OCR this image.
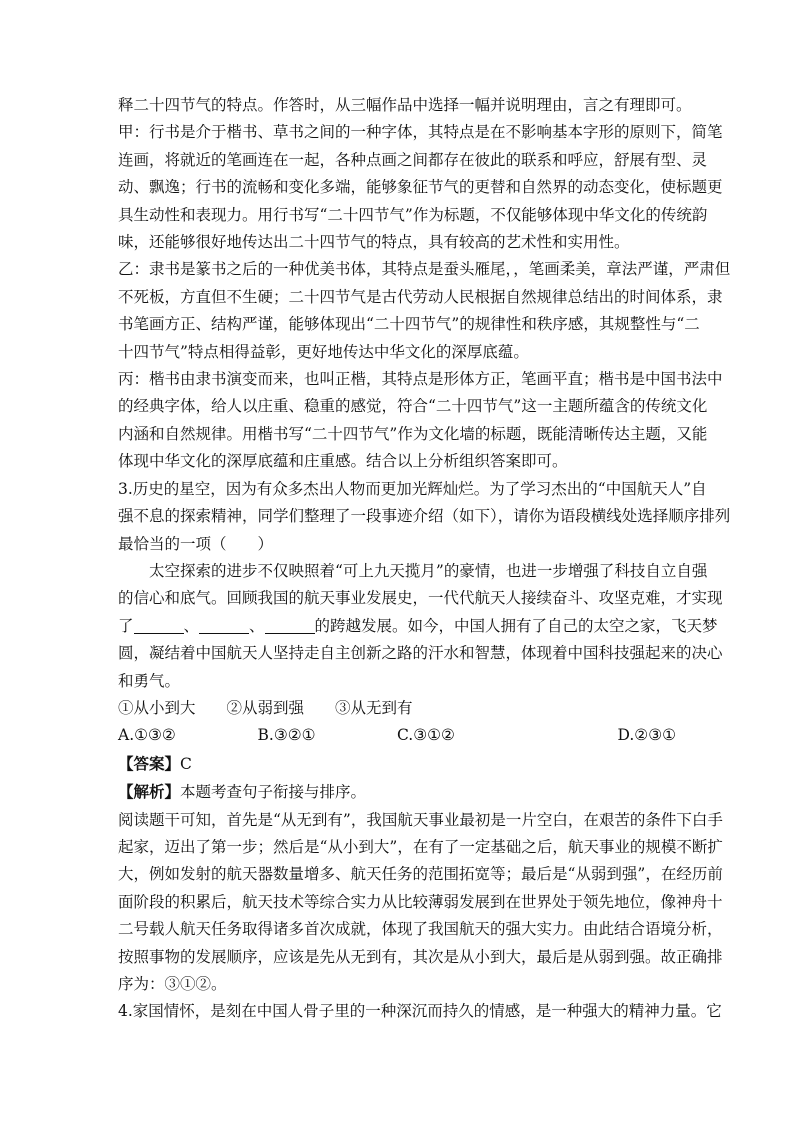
释二十四节气的特点。作答时，从三幅作品中选择一幅并说明理由，言之有理即可。
甲：行书是介于楷书、草书之间的一种字体，其特点是在不影响基本字形的原则下，简笔
连画，将就近的笔画连在一起，各种点画之间都存在彼此的联系和呼应，舒展有型、灵
动、飘逸；行书的流畅和变化多端，能够象征节气的更替和自然界的动态变化，使标题更
具生动性和表现力。用行书写“二十四节气”作为标题，不仅能够体现中华文化的传统韵
味，还能够很好地传达出二十四节气的特点，具有较高的艺术性和实用性。
乙：隶书是篆书之后的一种优美书体，其特点是蚕头雁尾，，笔画柔美，章法严谨，严肃但
不死板，方直但不生硬；二十四节气是古代劳动人民根据自然规律总结出的时间体系，隶
书笔画方正、结构严谨，能够体现出“二十四节气”的规律性和秩序感，其规整性与“二
十四节气”特点相得益彰，更好地传达中华文化的深厚底蕴。
丙：楷书由隶书演变而来，也叫正楷，其特点是形体方正，笔画平直；楷书是中国书法中
的经典字体，给人以庄重、稳重的感觉，符合“二十四节气”这一主题所蕴含的传统文化
内涵和自然规律。用楷书写“二十四节气”作为文化墙的标题，既能清晰传达主题，又能
体现中华文化的深厚底蕴和庄重感。结合以上分析组织答案即可。
3.历史的星空，因为有众多杰出人物而更加光辉灿烂。为了学习杰出的“中国航天人”自
强不息的探索精神，同学们整理了一段事迹介绍（如下），请你为语段横线处选择顺序排列
最恰当的一项（　　）
太空探索的进步不仅映照着“可上九天揽月”的豪情，也进一步增强了科技自立自强
的信心和底气。回顾我国的航天事业发展史，一代代航天人接续奋斗、攻坚克难，才实现
了	、	、	的跨越发展。如今，中国人拥有了自己的太空之家，飞天梦
圆，凝结着中国航天人坚持走自主创新之路的汗水和智慧，体现着中国科技强起来的决心
和勇气。
①从小到大　　②从弱到强　　③从无到有
A.①③②	B.③②①	C.③①②	D.②③①
【答案】C
【解析】本题考查句子衔接与排序。
阅读题干可知，首先是“从无到有”，我国航天事业最初是一片空白，在艰苦的条件下白手
起家，迈出了第一步；然后是“从小到大”，在有了一定基础之后，航天事业的规模不断扩
大，例如发射的航天器数量增多、航天任务的范围拓宽等；最后是“从弱到强”，在经历前
面阶段的积累后，航天技术等综合实力从比较薄弱发展到在世界处于领先地位，像神舟十
二号载人航天任务取得诸多首次成就，体现了我国航天的强大实力。由此结合语境分析，
按照事物的发展顺序，应该是先从无到有，其次是从小到大，最后是从弱到强。故正确排
序为：③①②。
4.家国情怀，是刻在中国人骨子里的一种深沉而持久的情感，是一种强大的精神力量。它
